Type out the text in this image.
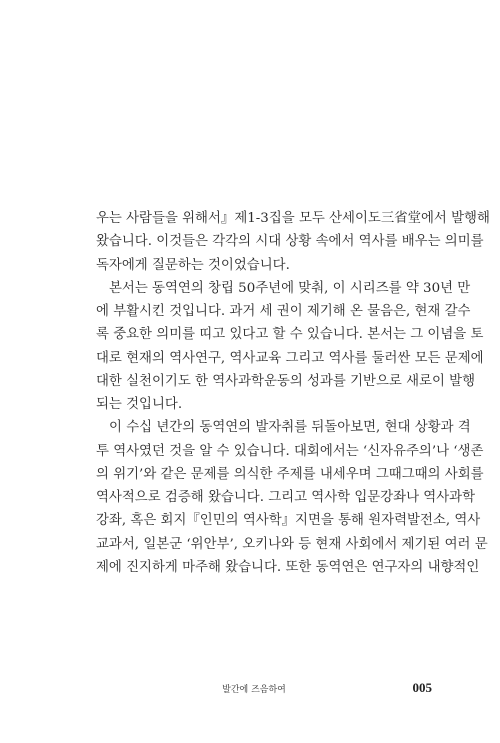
우는 사람들을 위해서』제1-3집을 모두 산세이도三省堂에서 발행해
왔습니다. 이것들은 각각의 시대 상황 속에서 역사를 배우는 의미를
독자에게 질문하는 것이었습니다.
본서는 동역연의 창립 50주년에 맞춰, 이 시리즈를 약 30년 만
에 부활시킨 것입니다. 과거 세 권이 제기해 온 물음은, 현재 갈수
록 중요한 의미를 띠고 있다고 할 수 있습니다. 본서는 그 이념을 토
대로 현재의 역사연구, 역사교육 그리고 역사를 둘러싼 모든 문제에
대한 실천이기도 한 역사과학운동의 성과를 기반으로 새로이 발행
되는 것입니다.
이 수십 년간의 동역연의 발자취를 뒤돌아보면, 현대 상황과 격
투 역사였던 것을 알 수 있습니다. 대회에서는 ‘신자유주의’나 ‘생존
의 위기’와 같은 문제를 의식한 주제를 내세우며 그때그때의 사회를
역사적으로 검증해 왔습니다. 그리고 역사학 입문강좌나 역사과학
강좌, 혹은 회지『인민의 역사학』지면을 통해 원자력발전소, 역사
교과서, 일본군 ‘위안부’, 오키나와 등 현재 사회에서 제기된 여러 문
제에 진지하게 마주해 왔습니다. 또한 동역연은 연구자의 내향적인
발간에 즈음하여	005
